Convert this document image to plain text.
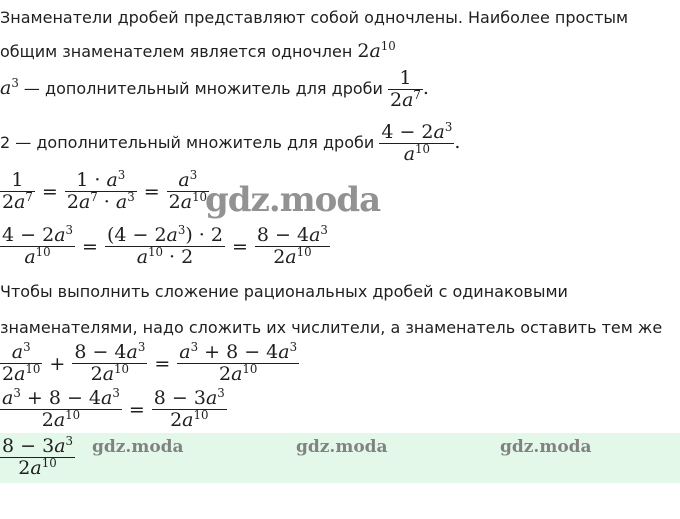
Знаменатели дробей представляют собой одночлены. Наиболее простым
общим знаменателем является одночлен $2a^{10}$
$a^3$ — дополнительный множитель для дроби $\frac{1}{2a^7}$ .
2 — дополнительный множитель для дроби $\frac{4 - 2a^3}{a^{10}}$ .
$\frac{1}{2a^7} = \frac{1 \cdot a^3}{2a^7 \cdot a^3} = \frac{a^3}{2a^{10}}$
$\frac{4 - 2a^3}{a^{10}} = \frac{(4 - 2a^3) \cdot 2}{a^{10} \cdot 2} = \frac{8 - 4a^3}{2a^{10}}$
Чтобы выполнить сложение рациональных дробей с одинаковыми
знаменателями, надо сложить их числители, а знаменатель оставить тем же
$\frac{a^3}{2a^{10}} + \frac{8 - 4a^3}{2a^{10}} = \frac{a^3 + 8 - 4a^3}{2a^{10}}$
$\frac{a^3 + 8 - 4a^3}{2a^{10}} = \frac{8 - 3a^3}{2a^{10}}$
$\frac{8 - 3a^3}{2a^{10}}$
gdz.moda
gdz.moda	gdz.moda	gdz.moda
